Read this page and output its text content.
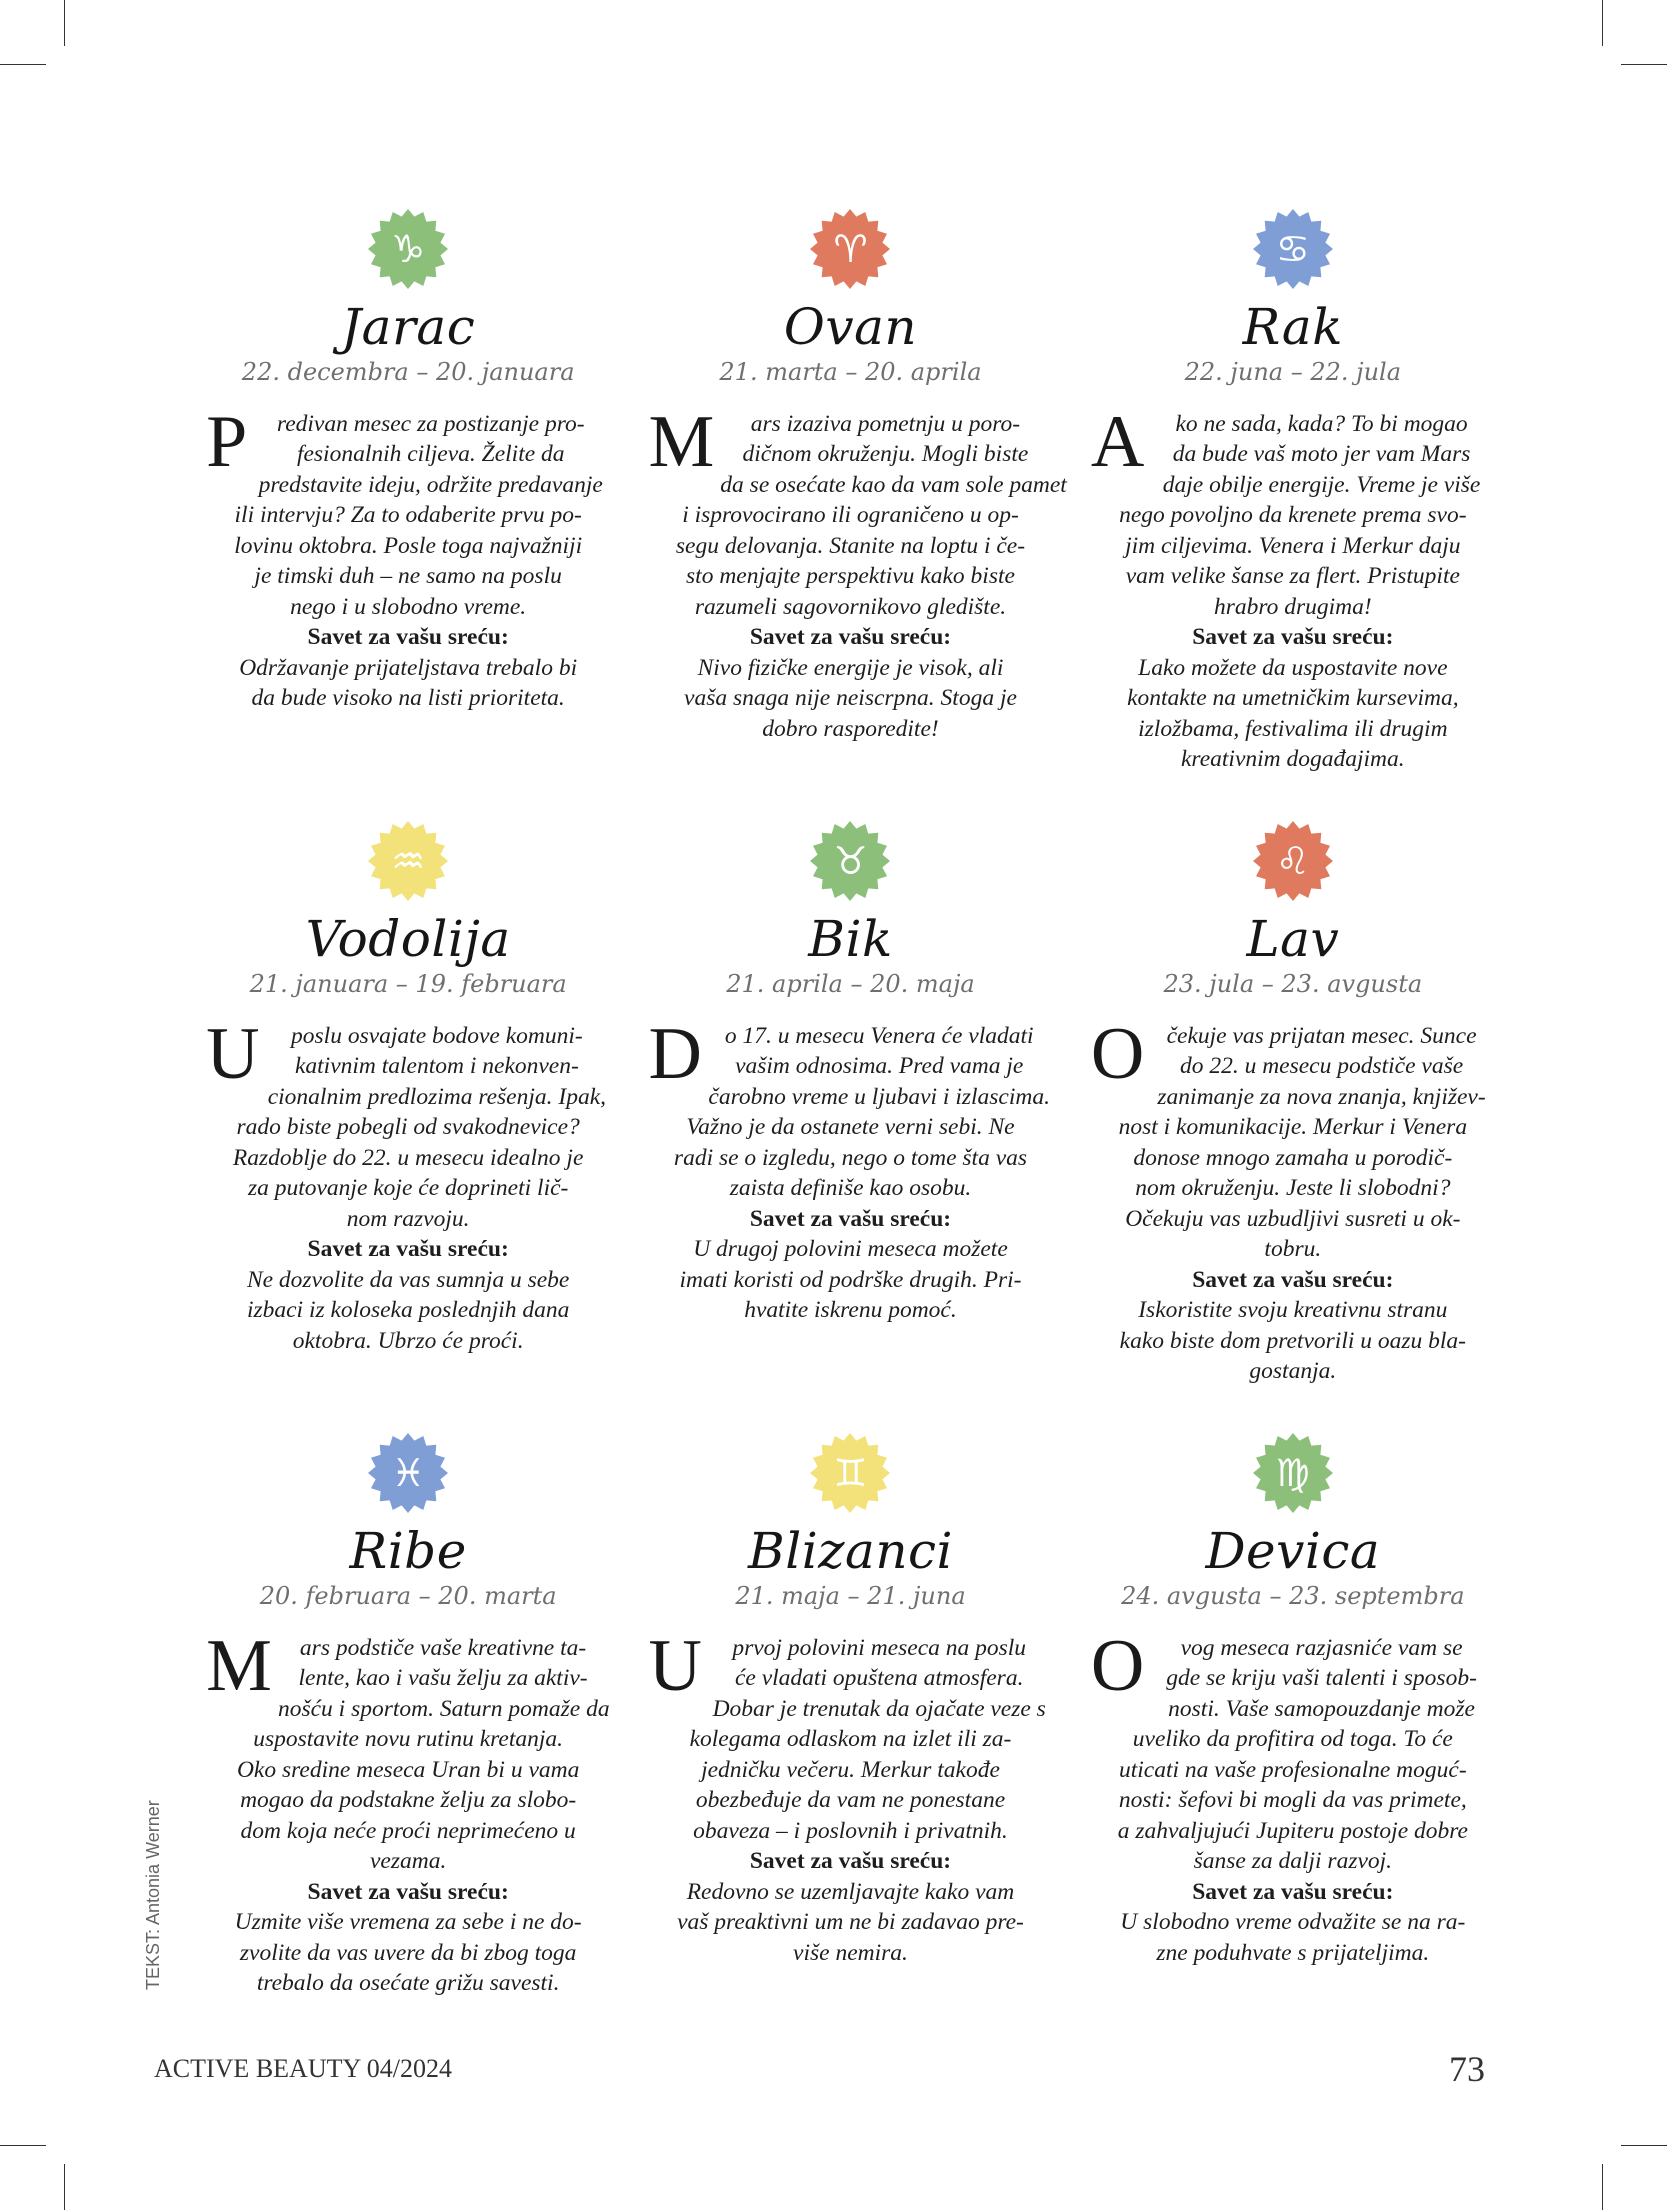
♑
Jarac
22. decembra – 20. januara
P	redivan mesec za postizanje pro-
fesionalnih ciljeva. Želite da
predstavite ideju, održite predavanje
ili intervju? Za to odaberite prvu po-
lovinu oktobra. Posle toga najvažniji
je timski duh – ne samo na poslu
nego i u slobodno vreme.
Savet za vašu sreću:
Održavanje prijateljstava trebalo bi
da bude visoko na listi prioriteta.
♈
Ovan
21. marta – 20. aprila
M	ars izaziva pometnju u poro-
dičnom okruženju. Mogli biste
da se osećate kao da vam sole pamet
i isprovocirano ili ograničeno u op-
segu delovanja. Stanite na loptu i če-
sto menjajte perspektivu kako biste
razumeli sagovornikovo gledište.
Savet za vašu sreću:
Nivo fizičke energije je visok, ali
vaša snaga nije neiscrpna. Stoga je
dobro rasporedite!
♋
Rak
22. juna – 22. jula
A	ko ne sada, kada? To bi mogao
da bude vaš moto jer vam Mars
daje obilje energije. Vreme je više
nego povoljno da krenete prema svo-
jim ciljevima. Venera i Merkur daju
vam velike šanse za flert. Pristupite
hrabro drugima!
Savet za vašu sreću:
Lako možete da uspostavite nove
kontakte na umetničkim kursevima,
izložbama, festivalima ili drugim
kreativnim događajima.
♒
Vodolija
21. januara – 19. februara
U	poslu osvajate bodove komuni-
kativnim talentom i nekonven-
cionalnim predlozima rešenja. Ipak,
rado biste pobegli od svakodnevice?
Razdoblje do 22. u mesecu idealno je
za putovanje koje će doprineti lič-
nom razvoju.
Savet za vašu sreću:
Ne dozvolite da vas sumnja u sebe
izbaci iz koloseka poslednjih dana
oktobra. Ubrzo će proći.
♉
Bik
21. aprila – 20. maja
D o 17. u mesecu Venera će vladati
vašim odnosima. Pred vama je
čarobno vreme u ljubavi i izlascima.
Važno je da ostanete verni sebi. Ne
radi se o izgledu, nego o tome šta vas
zaista definiše kao osobu.
Savet za vašu sreću:
U drugoj polovini meseca možete
imati koristi od podrške drugih. Pri-
hvatite iskrenu pomoć.
♌
Lav
23. jula – 23. avgusta
O čekuje vas prijatan mesec. Sunce
do 22. u mesecu podstiče vaše
zanimanje za nova znanja, književ-
nost i komunikacije. Merkur i Venera
donose mnogo zamaha u porodič-
nom okruženju. Jeste li slobodni?
Očekuju vas uzbudljivi susreti u ok-
tobru.
Savet za vašu sreću:
Iskoristite svoju kreativnu stranu
kako biste dom pretvorili u oazu bla-
gostanja.
♓
Ribe
20. februara – 20. marta
M	ars podstiče vaše kreativne ta-
lente, kao i vašu želju za aktiv-
nošću i sportom. Saturn pomaže da
uspostavite novu rutinu kretanja.
Oko sredine meseca Uran bi u vama
mogao da podstakne želju za slobo-
dom koja neće proći neprimećeno u
vezama.
Savet za vašu sreću:
Uzmite više vremena za sebe i ne do-
zvolite da vas uvere da bi zbog toga
trebalo da osećate grižu savesti.
♊
Blizanci
21. maja – 21. juna
U	prvoj polovini meseca na poslu
će vladati opuštena atmosfera.
Dobar je trenutak da ojačate veze s
kolegama odlaskom na izlet ili za-
jedničku večeru. Merkur takođe
obezbeđuje da vam ne ponestane
obaveza – i poslovnih i privatnih.
Savet za vašu sreću:
Redovno se uzemljavajte kako vam
vaš preaktivni um ne bi zadavao pre-
više nemira.
♍
Devica
24. avgusta – 23. septembra
O	vog meseca razjasniće vam se
gde se kriju vaši talenti i sposob-
nosti. Vaše samopouzdanje može
uveliko da profitira od toga. To će
uticati na vaše profesionalne moguć-
nosti: šefovi bi mogli da vas primete,
a zahvaljujući Jupiteru postoje dobre
šanse za dalji razvoj.
Savet za vašu sreću:
U slobodno vreme odvažite se na ra-
zne poduhvate s prijateljima.
TEKST: Antonia Werner
ACTIVE BEAUTY 04/2024	73
